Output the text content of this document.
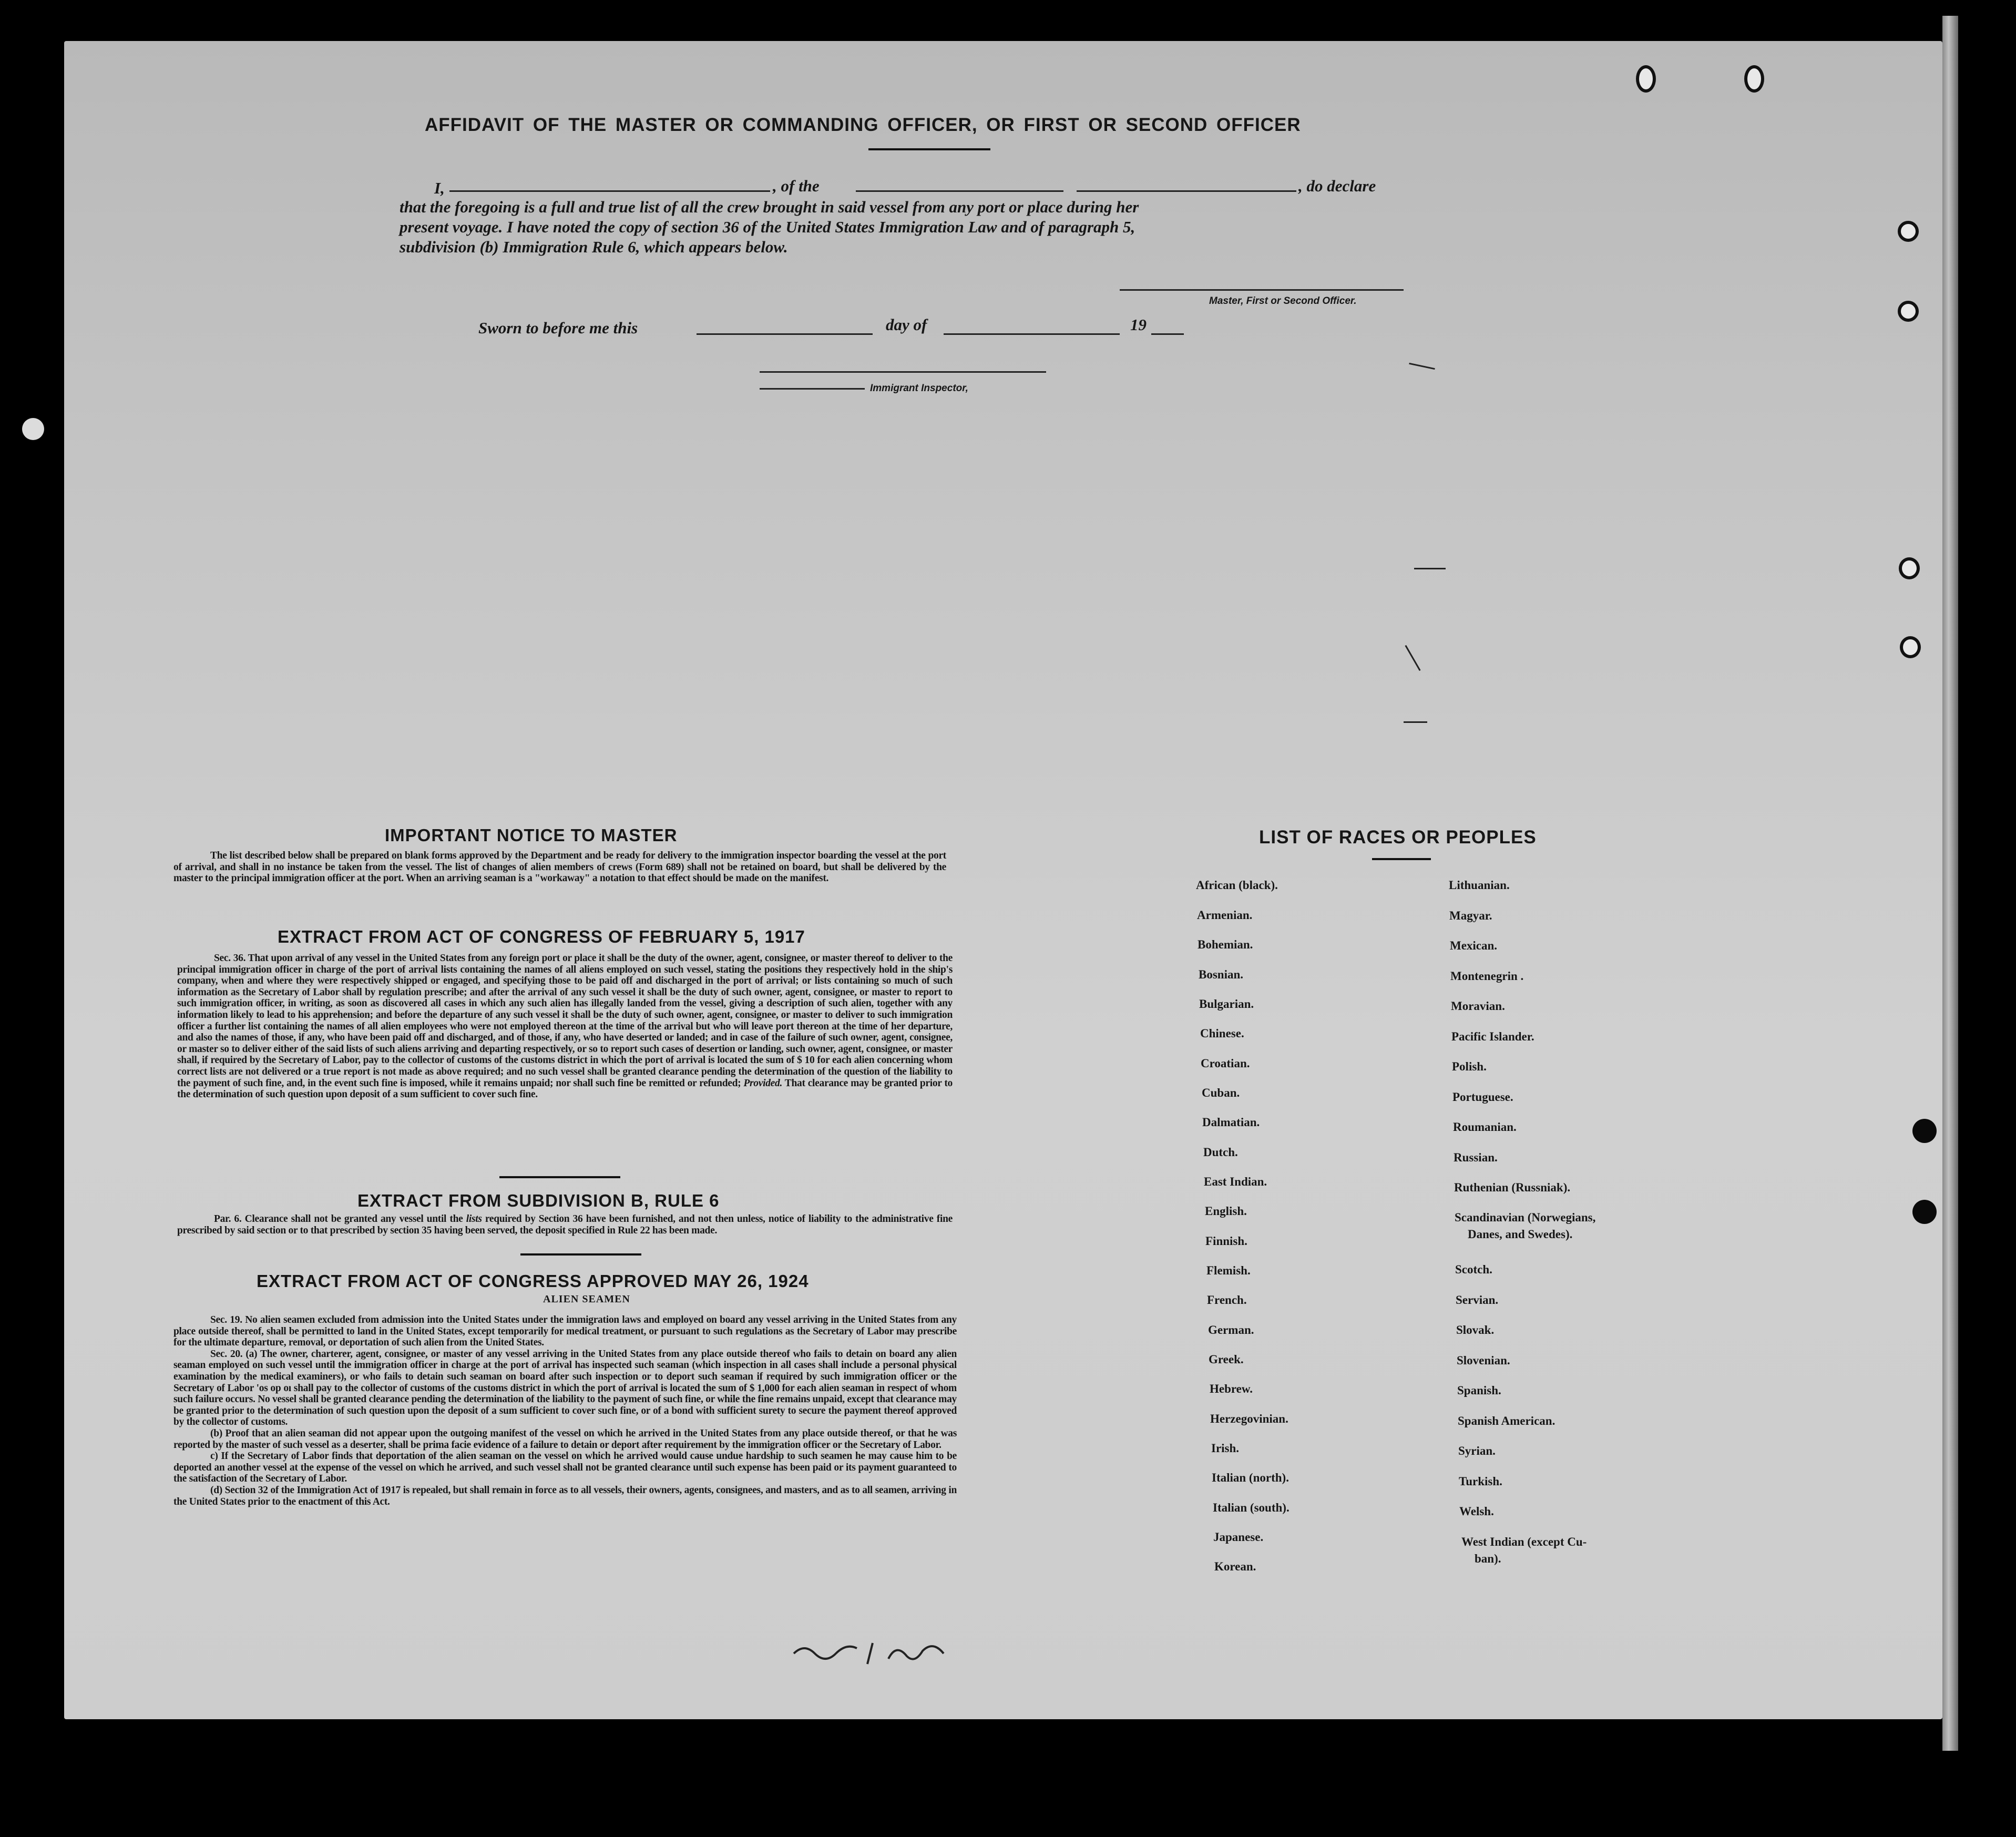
AFFIDAVIT OF THE MASTER OR COMMANDING OFFICER, OR FIRST OR SECOND OFFICER
I,	, of the	, do declare
that the foregoing is a full and true list of all the crew brought in said vessel from any port or place during her
present voyage. I have noted the copy of section 36 of the United States Immigration Law and of paragraph 5,
subdivision (b) Immigration Rule 6, which appears below.
Master, First or Second Officer.
Sworn to before me this	day of	19
Immigrant Inspector,
IMPORTANT NOTICE TO MASTER
The list described below shall be prepared on blank forms approved by the Department and be ready for delivery to the immigration inspector boarding the vessel at the port of arrival, and shall in no instance be taken from the vessel. The list of changes of alien members of crews (Form 689) shall not be retained on board, but shall be delivered by the master to the principal immigration officer at the port. When an arriving seaman is a "workaway" a notation to that effect should be made on the manifest.
EXTRACT FROM ACT OF CONGRESS OF FEBRUARY 5, 1917
Sec. 36. That upon arrival of any vessel in the United States from any foreign port or place it shall be the duty of the owner, agent, consignee, or master thereof to deliver to the principal immigration officer in charge of the port of arrival lists containing the names of all aliens employed on such vessel, stating the positions they respectively hold in the ship's company, when and where they were respectively shipped or engaged, and specifying those to be paid off and discharged in the port of arrival; or lists containing so much of such information as the Secretary of Labor shall by regulation prescribe; and after the arrival of any such vessel it shall be the duty of such owner, agent, consignee, or master to report to such immigration officer, in writing, as soon as discovered all cases in which any such alien has illegally landed from the vessel, giving a description of such alien, together with any information likely to lead to his apprehension; and before the departure of any such vessel it shall be the duty of such owner, agent, consignee, or master to deliver to such immigration officer a further list containing the names of all alien employees who were not employed thereon at the time of the arrival but who will leave port thereon at the time of her departure, and also the names of those, if any, who have been paid off and discharged, and of those, if any, who have deserted or landed; and in case of the failure of such owner, agent, consignee, or master so to deliver either of the said lists of such aliens arriving and departing respectively, or so to report such cases of desertion or landing, such owner, agent, consignee, or master shall, if required by the Secretary of Labor, pay to the collector of customs of the customs district in which the port of arrival is located the sum of $ 10 for each alien concerning whom correct lists are not delivered or a true report is not made as above required; and no such vessel shall be granted clearance pending the determination of the question of the liability to the payment of such fine, and, in the event such fine is imposed, while it remains unpaid; nor shall such fine be remitted or refunded; Provided. That clearance may be granted prior to the determination of such question upon deposit of a sum sufficient to cover such fine.
EXTRACT FROM SUBDIVISION B, RULE 6
Par. 6. Clearance shall not be granted any vessel until the lists required by Section 36 have been furnished, and not then unless, notice of liability to the administrative fine prescribed by said section or to that prescribed by section 35 having been served, the deposit specified in Rule 22 has been made.
EXTRACT FROM ACT OF CONGRESS APPROVED MAY 26, 1924
ALIEN SEAMEN

Sec. 19. No alien seamen excluded from admission into the United States under the immigration laws and employed on board any vessel arriving in the United States from any place outside thereof, shall be permitted to land in the United States, except temporarily for medical treatment, or pursuant to such regulations as the Secretary of Labor may prescribe for the ultimate departure, removal, or deportation of such alien from the United States.

Sec. 20. (a) The owner, charterer, agent, consignee, or master of any vessel arriving in the United States from any place outside thereof who fails to detain on board any alien seaman employed on such vessel until the immigration officer in charge at the port of arrival has inspected such seaman (which inspection in all cases shall include a personal physical examination by the medical examiners), or who fails to detain such seaman on board after such inspection or to deport such seaman if required by such immigration officer or the Secretary of Labor 'os op oı shall pay to the collector of customs of the customs district in which the port of arrival is located the sum of $ 1,000 for each alien seaman in respect of whom such failure occurs. No vessel shall be granted clearance pending the determination of the liability to the payment of such fine, or while the fine remains unpaid, except that clearance may be granted prior to the determination of such question upon the deposit of a sum sufficient to cover such fine, or of a bond with sufficient surety to secure the payment thereof approved by the collector of customs.

(b) Proof that an alien seaman did not appear upon the outgoing manifest of the vessel on which he arrived in the United States from any place outside thereof, or that he was reported by the master of such vessel as a deserter, shall be prima facie evidence of a failure to detain or deport after requirement by the immigration officer or the Secretary of Labor.

c) If the Secretary of Labor finds that deportation of the alien seaman on the vessel on which he arrived would cause undue hardship to such seamen he may cause him to be deported an another vessel at the expense of the vessel on which he arrived, and such vessel shall not be granted clearance until such expense has been paid or its payment guaranteed to the satisfaction of the Secretary of Labor.

(d) Section 32 of the Immigration Act of 1917 is repealed, but shall remain in force as to all vessels, their owners, agents, consignees, and masters, and as to all seamen, arriving in the United States prior to the enactment of this Act.

LIST OF RACES OR PEOPLES
African (black).
Armenian.
Bohemian.
Bosnian.
Bulgarian.
Chinese.
Croatian.
Cuban.
Dalmatian.
Dutch.
East Indian.
English.
Finnish.
Flemish.
French.
German.
Greek.
Hebrew.
Herzegovinian.
Irish.
Italian (north).
Italian (south).
Japanese.
Korean.
Lithuanian.
Magyar.
Mexican.
Montenegrin .
Moravian.
Pacific Islander.
Polish.
Portuguese.
Roumanian.
Russian.
Ruthenian (Russniak).
Scandinavian (Norwegians,
Danes, and Swedes).
Scotch.
Servian.
Slovak.
Slovenian.
Spanish.
Spanish American.
Syrian.
Turkish.
Welsh.
West Indian (except Cu-
ban).
